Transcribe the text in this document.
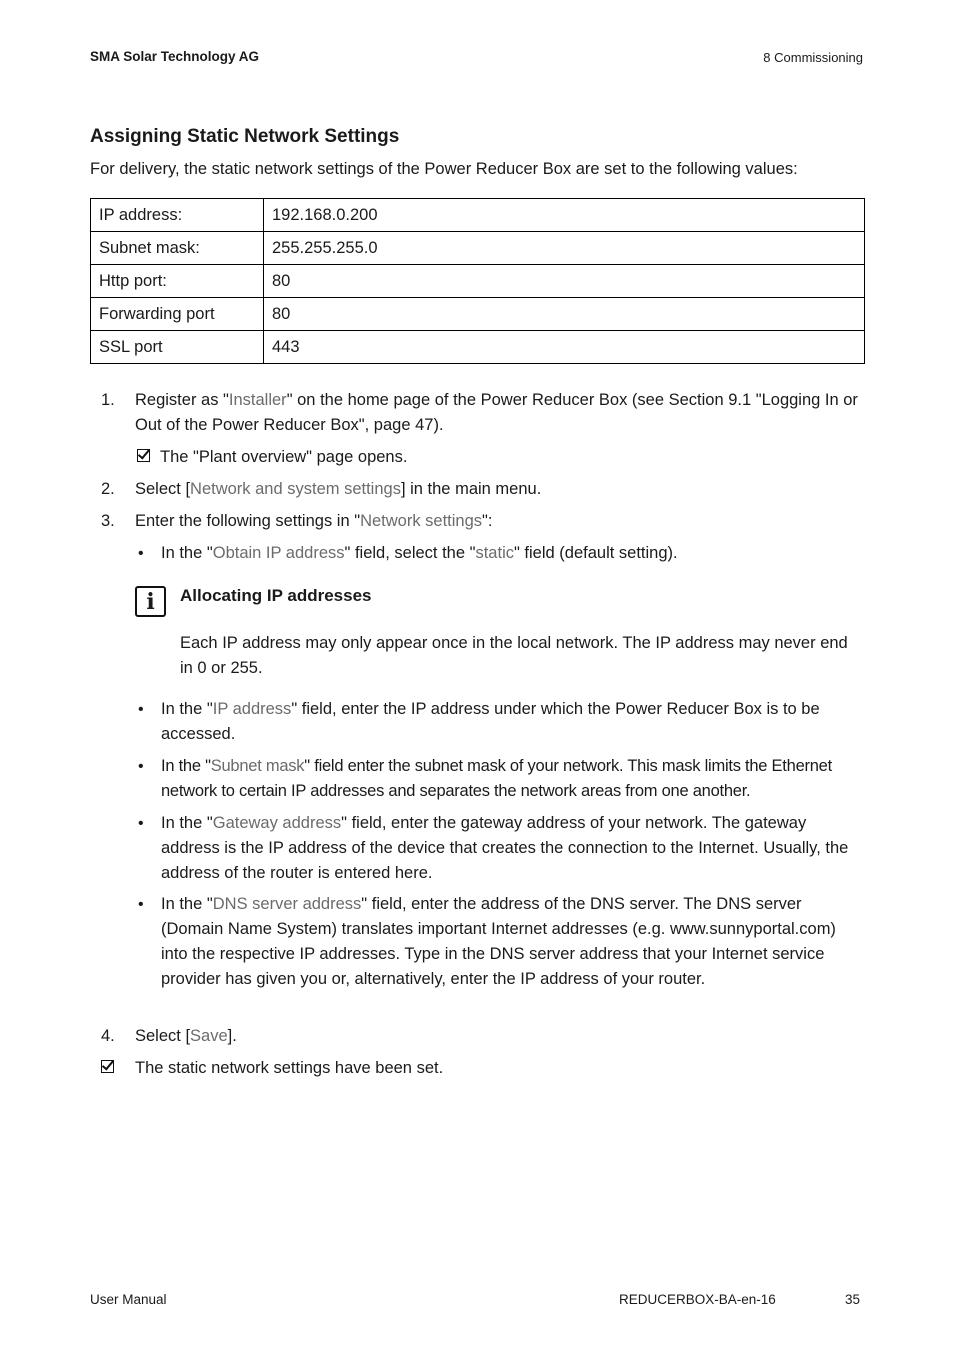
SMA Solar Technology AG	8 Commissioning
Assigning Static Network Settings
For delivery, the static network settings of the Power Reducer Box are set to the following values:
IP address:	192.168.0.200
Subnet mask:	255.255.255.0
Http port:	80
Forwarding port	80
SSL port	443
1. Register as "Installer" on the home page of the Power Reducer Box (see Section 9.1 "Logging In or Out of the Power Reducer Box", page 47).
The "Plant overview" page opens.
2. Select [Network and system settings] in the main menu.
3. Enter the following settings in "Network settings":
• In the "Obtain IP address" field, select the "static" field (default setting).
i	Allocating IP addresses
Each IP address may only appear once in the local network. The IP address may never end in 0 or 255.
• In the "IP address" field, enter the IP address under which the Power Reducer Box is to be accessed.
• In the "Subnet mask" field enter the subnet mask of your network. This mask limits the Ethernet network to certain IP addresses and separates the network areas from one another.
• In the "Gateway address" field, enter the gateway address of your network. The gateway address is the IP address of the device that creates the connection to the Internet. Usually, the address of the router is entered here.
• In the "DNS server address" field, enter the address of the DNS server. The DNS server (Domain Name System) translates important Internet addresses (e.g. www.sunnyportal.com) into the respective IP addresses. Type in the DNS server address that your Internet service provider has given you or, alternatively, enter the IP address of your router.
4. Select [Save].
The static network settings have been set.
User Manual	REDUCERBOX-BA-en-16	35
